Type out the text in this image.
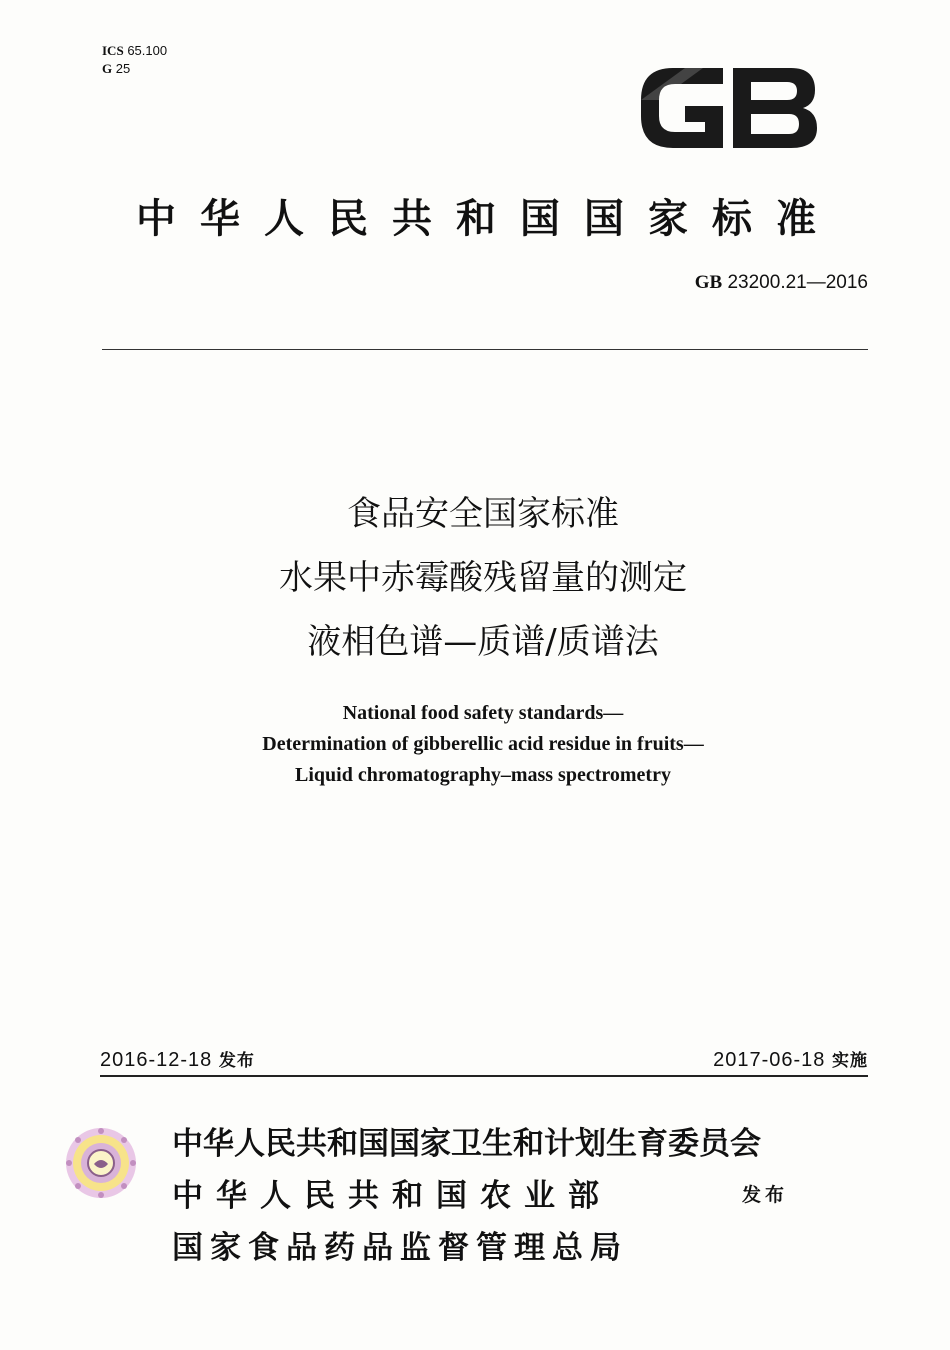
ICS 65.100
G 25
中华人民共和国国家标准
GB 23200.21—2016
食品安全国家标准
水果中赤霉酸残留量的测定
液相色谱—质谱/质谱法
National food safety standards—
Determination of gibberellic acid residue in fruits—
Liquid chromatography–mass spectrometry
2016-12-18 发布	2017-06-18 实施
中华人民共和国国家卫生和计划生育委员会
中华人民共和国农业部
国家食品药品监督管理总局
发布
